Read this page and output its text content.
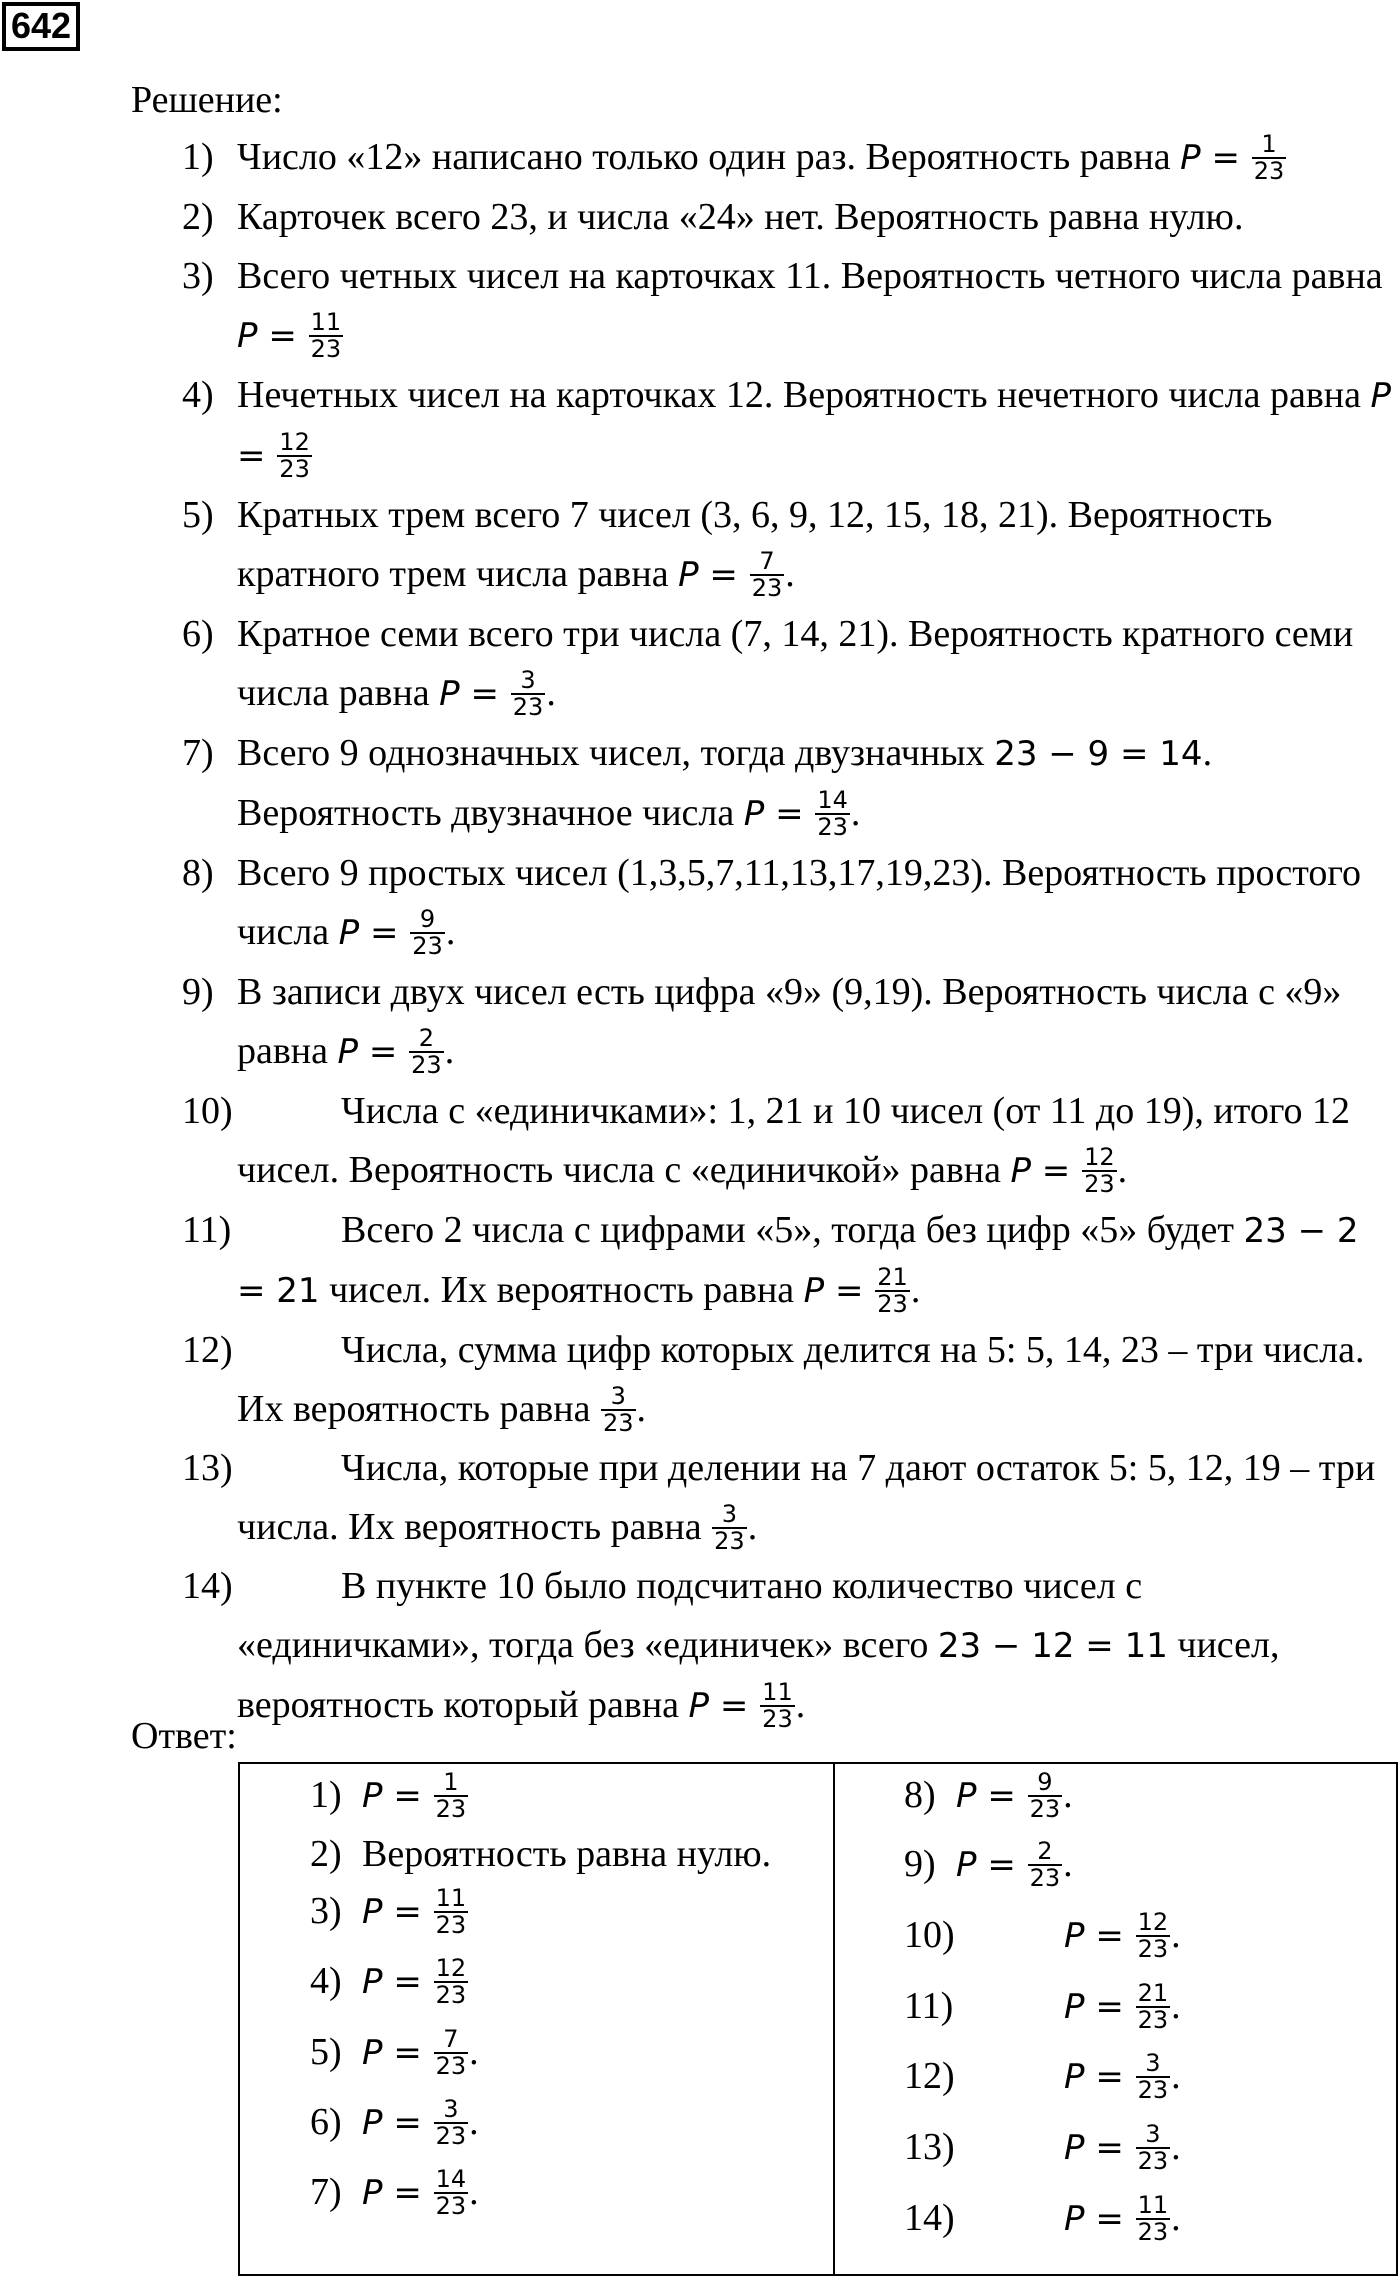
642
Решение:
1) Число «12» написано только один раз. Вероятность равна $P = \frac{1}{23}$
2) Карточек всего 23, и числа «24» нет. Вероятность равна нулю.
3) Всего четных чисел на карточках 11. Вероятность четного числа равна $P = \frac{11}{23}$
4) Нечетных чисел на карточках 12. Вероятность нечетного числа равна $P = \frac{12}{23}$
5) Кратных трем всего 7 чисел (3, 6, 9, 12, 15, 18, 21). Вероятность кратного трем числа равна $P = \frac{7}{23}$ .
6) Кратное семи всего три числа (7, 14, 21). Вероятность кратного семи числа равна $P = \frac{3}{23}$ .
7) Всего 9 однозначных чисел, тогда двузначных 23 − 9 = 14. Вероятность двузначное числа $P = \frac{14}{23}$ .
8) Всего 9 простых чисел (1,3,5,7,11,13,17,19,23). Вероятность простого числа $P = \frac{9}{23}$ .
9) В записи двух чисел есть цифра «9» (9,19). Вероятность числа с «9» равна $P = \frac{2}{23}$ .
10)	Числа с «единичками»: 1, 21 и 10 чисел (от 11 до 19), итого 12 чисел. Вероятность числа с «единичкой» равна $P = \frac{12}{23}$ .
11)	Всего 2 числа с цифрами «5», тогда без цифр «5» будет 23 − 2 = 21 чисел. Их вероятность равна $P = \frac{21}{23}$ .
12)	Числа, сумма цифр которых делится на 5: 5, 14, 23 – три числа. Их вероятность равна $\frac{3}{23}$ .
13)	Числа, которые при делении на 7 дают остаток 5: 5, 12, 19 – три числа. Их вероятность равна $\frac{3}{23}$ .
14)	В пункте 10 было подсчитано количество чисел с «единичками», тогда без «единичек» всего 23 − 12 = 11 чисел, вероятность который равна $P = \frac{11}{23}$ .
Ответ:
1) $P = \frac{1}{23}$
2) Вероятность равна нулю.
3) $P = \frac{11}{23}$
4) $P = \frac{12}{23}$
5) $P = \frac{7}{23}$ .
6) $P = \frac{3}{23}$ .
7) $P = \frac{14}{23}$ .
8) $P = \frac{9}{23}$ .
9) $P = \frac{2}{23}$ .
10)	$P = \frac{12}{23}$ .
11)	$P = \frac{21}{23}$ .
12)	$P = \frac{3}{23}$ .
13)	$P = \frac{3}{23}$ .
14)	$P = \frac{11}{23}$ .
